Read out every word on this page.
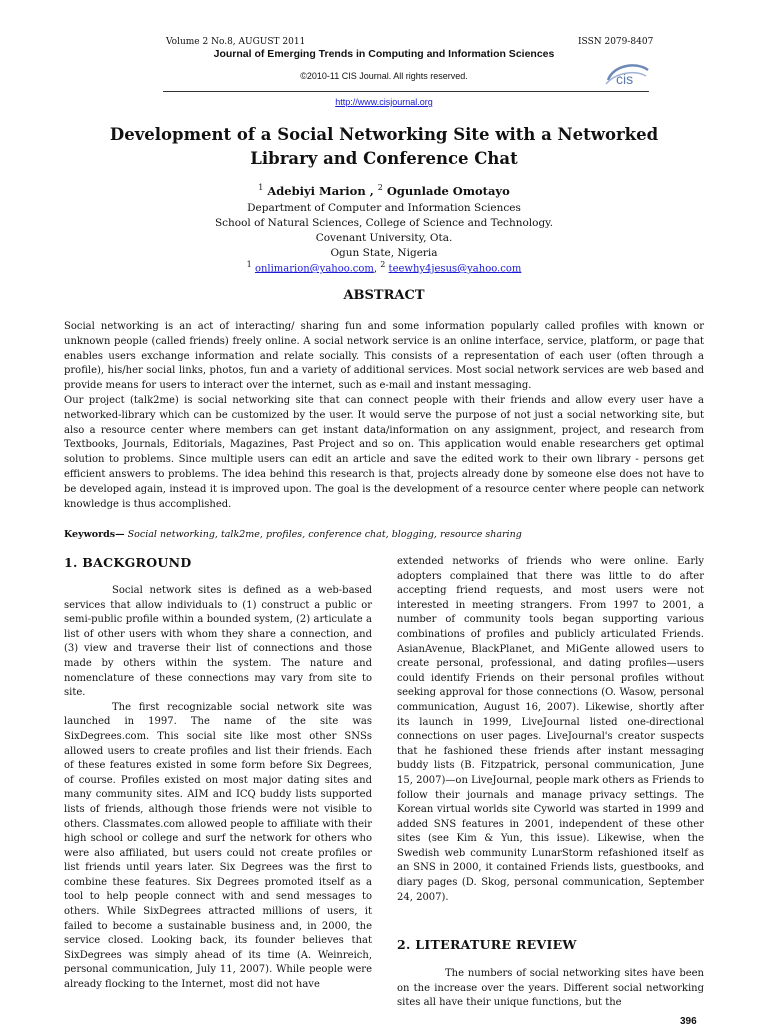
Volume 2 No.8, AUGUST 2011	ISSN 2079-8407
Journal of Emerging Trends in Computing and Information Sciences
©2010-11 CIS Journal. All rights reserved.	cis
http://www.cisjournal.org
Development of a Social Networking Site with a Networked Library and Conference Chat
$^1$ Adebiyi Marion , $^2$ Ogunlade Omotayo
Department of Computer and Information Sciences
School of Natural Sciences, College of Science and Technology.
Covenant University, Ota.
Ogun State, Nigeria
$^1$ onlimarion@yahoo.com, $^2$ teewhy4jesus@yahoo.com
ABSTRACT

Social networking is an act of interacting/ sharing fun and some information popularly called profiles with known or unknown people (called friends) freely online. A social network service is an online interface, service, platform, or page that enables users exchange information and relate socially. This consists of a representation of each user (often through a profile), his/her social links, photos, fun and a variety of additional services. Most social network services are web based and provide means for users to interact over the internet, such as e-mail and instant messaging.

Our project (talk2me) is social networking site that can connect people with their friends and allow every user have a networked-library which can be customized by the user. It would serve the purpose of not just a social networking site, but also a resource center where members can get instant data/information on any assignment, project, and research from Textbooks, Journals, Editorials, Magazines, Past Project and so on. This application would enable researchers get optimal solution to problems. Since multiple users can edit an article and save the edited work to their own library - persons get efficient answers to problems. The idea behind this research is that, projects already done by someone else does not have to be developed again, instead it is improved upon. The goal is the development of a resource center where people can network knowledge is thus accomplished.

Keywords— Social networking, talk2me, profiles, conference chat, blogging, resource sharing
1. BACKGROUND

Social network sites is defined as a web-based services that allow individuals to (1) construct a public or semi-public profile within a bounded system, (2) articulate a list of other users with whom they share a connection, and (3) view and traverse their list of connections and those made by others within the system. The nature and nomenclature of these connections may vary from site to site.

The first recognizable social network site was launched in 1997. The name of the site was SixDegrees.com. This social site like most other SNSs allowed users to create profiles and list their friends. Each of these features existed in some form before Six Degrees, of course. Profiles existed on most major dating sites and many community sites. AIM and ICQ buddy lists supported lists of friends, although those friends were not visible to others. Classmates.com allowed people to affiliate with their high school or college and surf the network for others who were also affiliated, but users could not create profiles or list friends until years later. Six Degrees was the first to combine these features. Six Degrees promoted itself as a tool to help people connect with and send messages to others. While SixDegrees attracted millions of users, it failed to become a sustainable business and, in 2000, the service closed. Looking back, its founder believes that SixDegrees was simply ahead of its time (A. Weinreich, personal communication, July 11, 2007). While people were already flocking to the Internet, most did not have

extended networks of friends who were online. Early adopters complained that there was little to do after accepting friend requests, and most users were not interested in meeting strangers. From 1997 to 2001, a number of community tools began supporting various combinations of profiles and publicly articulated Friends. AsianAvenue, BlackPlanet, and MiGente allowed users to create personal, professional, and dating profiles—users could identify Friends on their personal profiles without seeking approval for those connections (O. Wasow, personal communication, August 16, 2007). Likewise, shortly after its launch in 1999, LiveJournal listed one-directional connections on user pages. LiveJournal's creator suspects that he fashioned these friends after instant messaging buddy lists (B. Fitzpatrick, personal communication, June 15, 2007)—on LiveJournal, people mark others as Friends to follow their journals and manage privacy settings. The Korean virtual worlds site Cyworld was started in 1999 and added SNS features in 2001, independent of these other sites (see Kim & Yun, this issue). Likewise, when the Swedish web community LunarStorm refashioned itself as an SNS in 2000, it contained Friends lists, guestbooks, and diary pages (D. Skog, personal communication, September 24, 2007).

2. LITERATURE REVIEW

The numbers of social networking sites have been on the increase over the years. Different social networking sites all have their unique functions, but the

396
